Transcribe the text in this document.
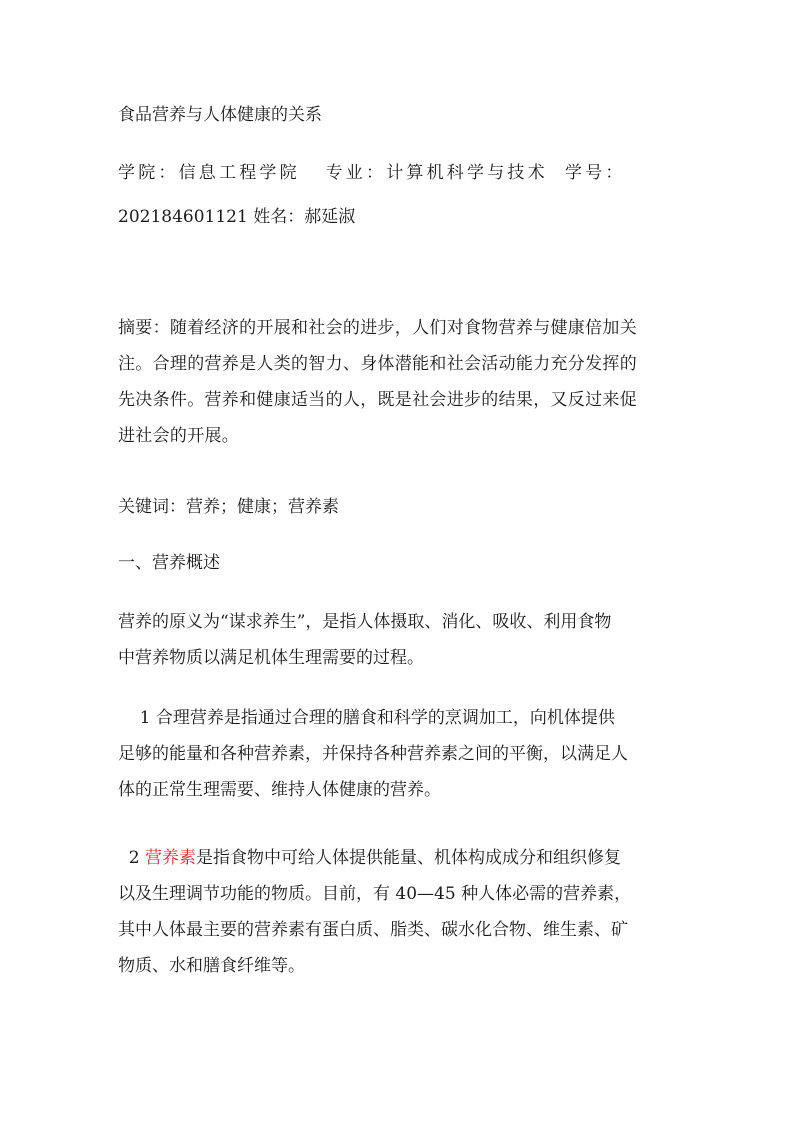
食品营养与人体健康的关系
学院：信息工程学院   专业：计算机科学与技术  学号：
202184601121 姓名：郝延淑
摘要：随着经济的开展和社会的进步，人们对食物营养与健康倍加关
注。合理的营养是人类的智力、身体潜能和社会活动能力充分发挥的
先决条件。营养和健康适当的人，既是社会进步的结果，又反过来促
进社会的开展。
关键词：营养；健康；营养素
一、营养概述
营养的原义为“谋求养生”，是指人体摄取、消化、吸收、利用食物
中营养物质以满足机体生理需要的过程。
1 合理营养是指通过合理的膳食和科学的烹调加工，向机体提供
足够的能量和各种营养素，并保持各种营养素之间的平衡，以满足人
体的正常生理需要、维持人体健康的营养。
2 营养素是指食物中可给人体提供能量、机体构成成分和组织修复
以及生理调节功能的物质。目前，有 40—45 种人体必需的营养素，
其中人体最主要的营养素有蛋白质、脂类、碳水化合物、维生素、矿
物质、水和膳食纤维等。
